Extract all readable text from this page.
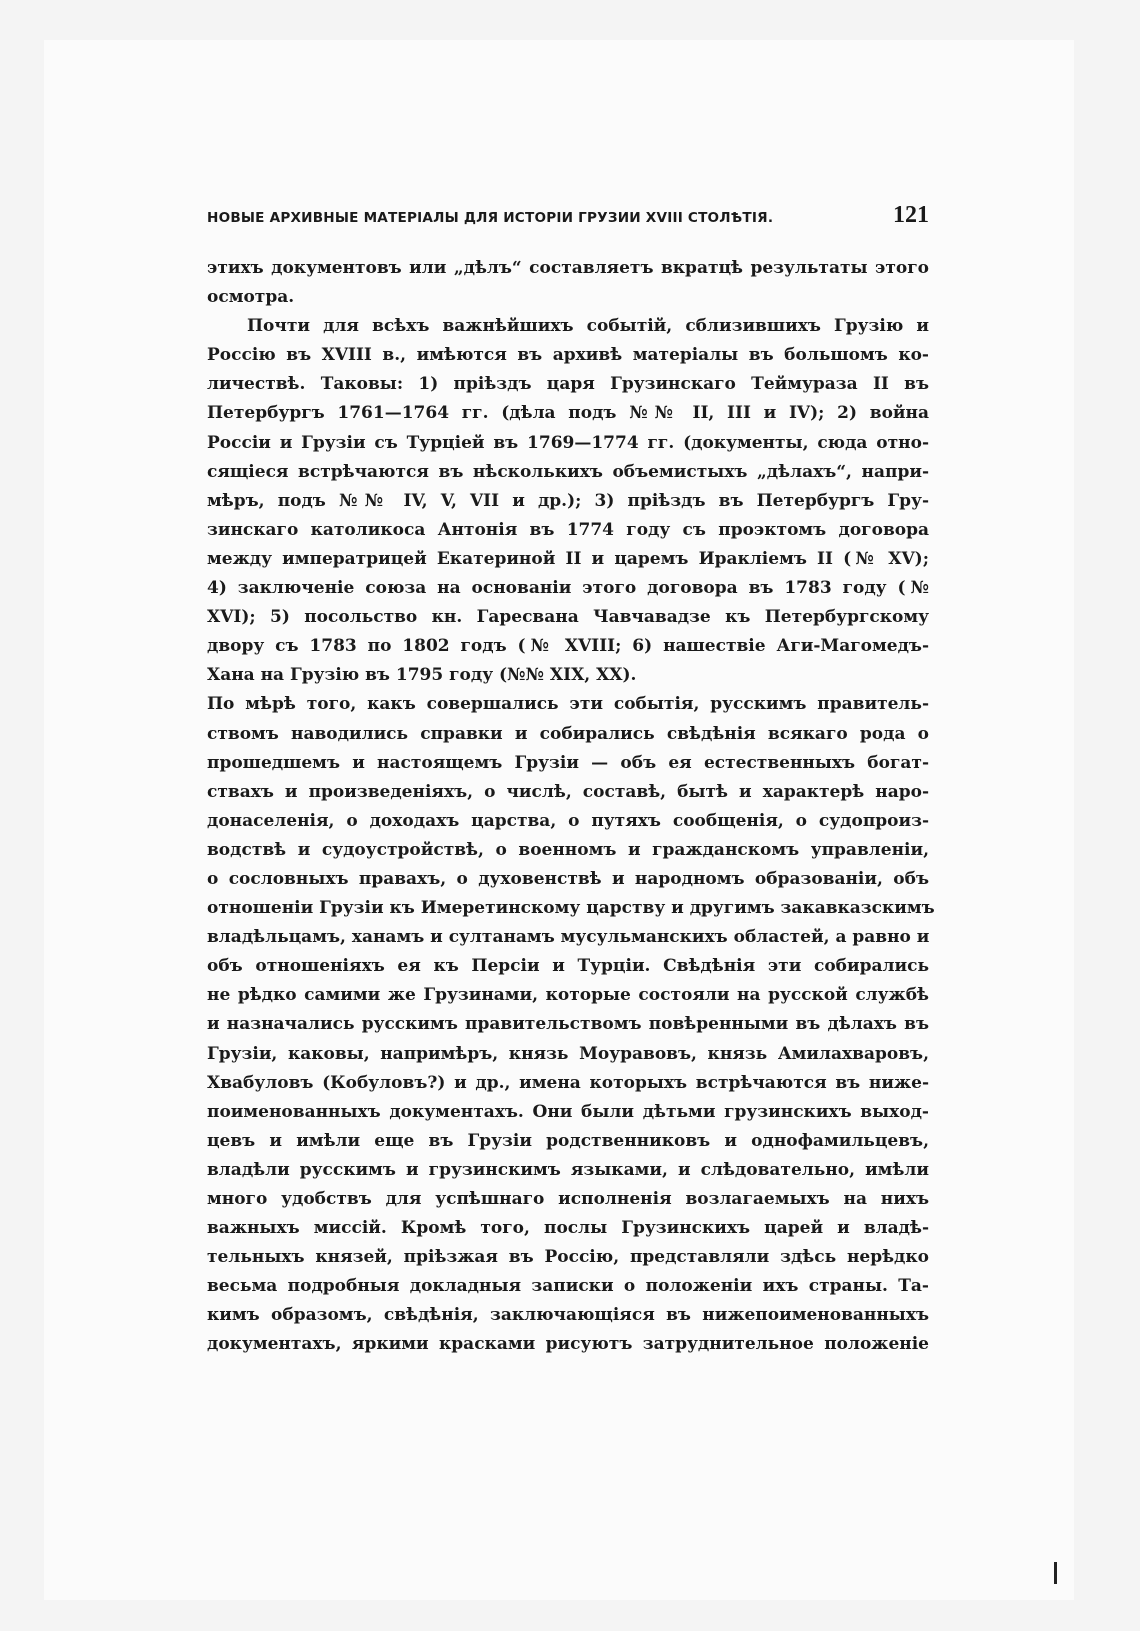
НОВЫЕ АРХИВНЫЕ МАТЕРІАЛЫ ДЛЯ ИСТОРІИ ГРУЗИИ XVIII СТОЛѢТІЯ.	121
этихъ документовъ или „дѣлъ“ составляетъ вкратцѣ результаты этого
осмотра.
Почти для всѣхъ важнѣйшихъ событій, сблизившихъ Грузію и
Россію въ XVIII в., имѣются въ архивѣ матеріалы въ большомъ ко-
личествѣ. Таковы: 1) пріѣздъ царя Грузинскаго Теймураза II въ
Петербургъ 1761—1764 гг. (дѣла подъ №№ II, III и IV); 2) война
Россіи и Грузіи съ Турціей въ 1769—1774 гг. (документы, сюда отно-
сящіеся встрѣчаются въ нѣсколькихъ объемистыхъ „дѣлахъ“, напри-
мѣръ, подъ №№ IV, V, VII и др.); 3) пріѣздъ въ Петербургъ Гру-
зинскаго католикоса Антонія въ 1774 году съ проэктомъ договора
между императрицей Екатериной II и царемъ Ираклiемъ II (№ XV);
4) заключеніе союза на основаніи этого договора въ 1783 году (№
XVI); 5) посольство кн. Гаресвана Чавчавадзе къ Петербургскому
двору съ 1783 по 1802 годъ (№ XVIII; 6) нашествіе Аги-Магомедъ-
Хана на Грузію въ 1795 году (№№ XIX, XX).
По мѣрѣ того, какъ совершались эти событія, русскимъ правитель-
ствомъ наводились справки и собирались свѣдѣнія всякаго рода о
прошедшемъ и настоящемъ Грузіи — объ ея естественныхъ богат-
ствахъ и произведеніяхъ, о числѣ, составѣ, бытѣ и характерѣ наро-
донаселенія, о доходахъ царства, о путяхъ сообщенія, о судопроиз-
водствѣ и судоустройствѣ, о военномъ и гражданскомъ управленіи,
о сословныхъ правахъ, о духовенствѣ и народномъ образованіи, объ
отношеніи Грузіи къ Имеретинскому царству и другимъ закавказскимъ
владѣльцамъ, ханамъ и султанамъ мусульманскихъ областей, а равно и
объ отношеніяхъ ея къ Персіи и Турціи. Свѣдѣнія эти собирались
не рѣдко самими же Грузинами, которые состояли на русской службѣ
и назначались русскимъ правительствомъ повѣренными въ дѣлахъ въ
Грузіи, каковы, напримѣръ, князь Моуравовъ, князь Амилахваровъ,
Хвабуловъ (Кобуловъ?) и др., имена которыхъ встрѣчаются въ ниже-
поименованныхъ документахъ. Они были дѣтьми грузинскихъ выход-
цевъ и имѣли еще въ Грузіи родственниковъ и однофамильцевъ,
владѣли русскимъ и грузинскимъ языками, и слѣдовательно, имѣли
много удобствъ для успѣшнаго исполненія возлагаемыхъ на нихъ
важныхъ миссій. Кромѣ того, послы Грузинскихъ царей и владѣ-
тельныхъ князей, пріѣзжая въ Россію, представляли здѣсь нерѣдко
весьма подробныя докладныя записки о положеніи ихъ страны. Та-
кимъ образомъ, свѣдѣнія, заключающіяся въ нижепоименованныхъ
документахъ, яркими красками рисуютъ затруднительное положеніе
